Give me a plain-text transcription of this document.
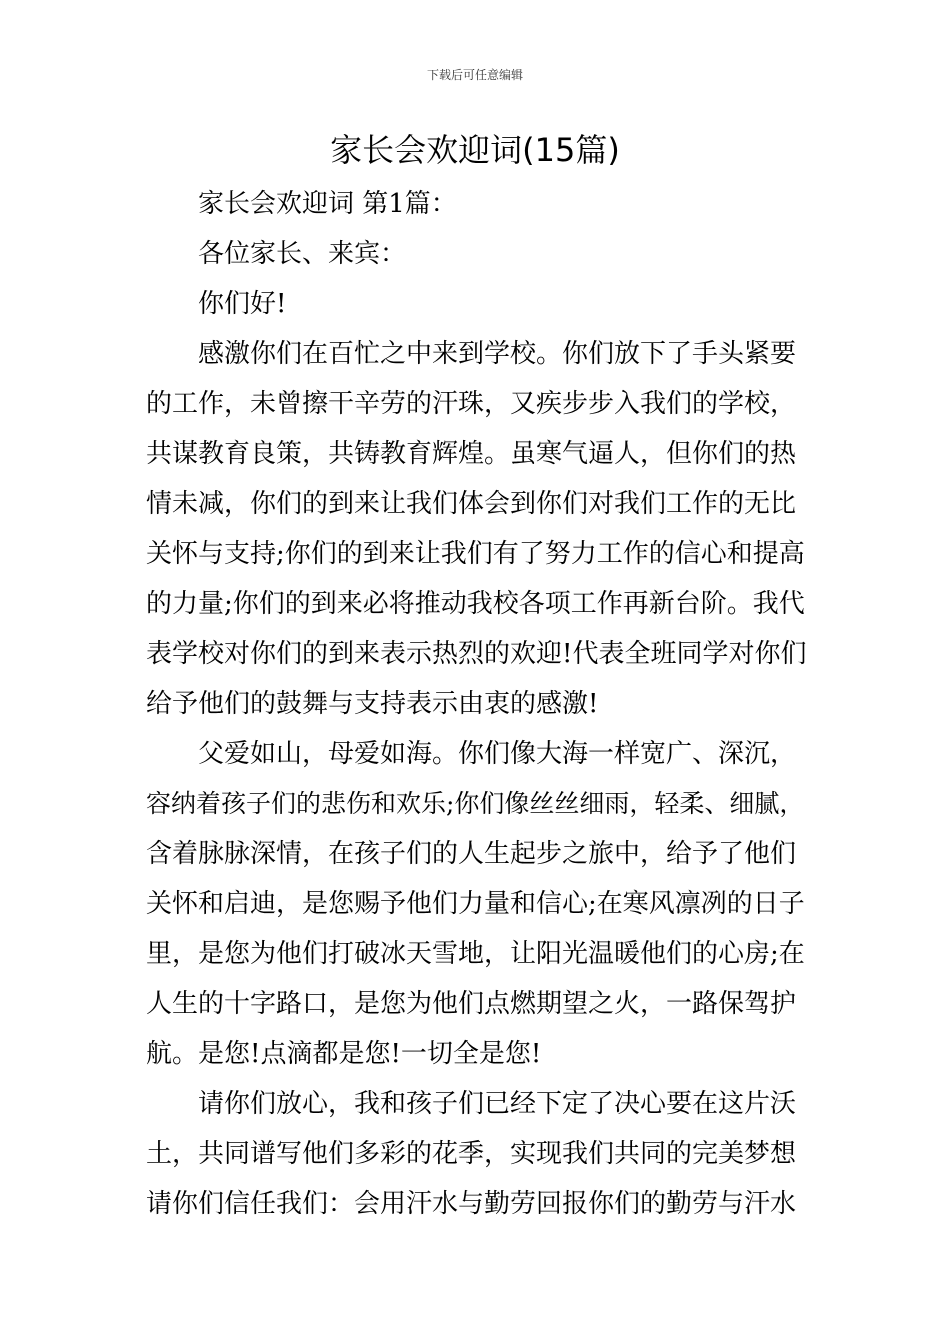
下载后可任意编辑
家长会欢迎词(15篇)
家长会欢迎词 第1篇：
各位家长、来宾：
你们好!
感激你们在百忙之中来到学校。你们放下了手头紧要
的工作，未曾擦干辛劳的汗珠，又疾步步入我们的学校，
共谋教育良策，共铸教育辉煌。虽寒气逼人，但你们的热
情未减，你们的到来让我们体会到你们对我们工作的无比
关怀与支持;你们的到来让我们有了努力工作的信心和提高
的力量;你们的到来必将推动我校各项工作再新台阶。我代
表学校对你们的到来表示热烈的欢迎!代表全班同学对你们
给予他们的鼓舞与支持表示由衷的感激!
父爱如山，母爱如海。你们像大海一样宽广、深沉，
容纳着孩子们的悲伤和欢乐;你们像丝丝细雨，轻柔、细腻，
含着脉脉深情，在孩子们的人生起步之旅中，给予了他们
关怀和启迪，是您赐予他们力量和信心;在寒风凛冽的日子
里，是您为他们打破冰天雪地，让阳光温暖他们的心房;在
人生的十字路口，是您为他们点燃期望之火，一路保驾护
航。是您!点滴都是您!一切全是您!
请你们放心，我和孩子们已经下定了决心要在这片沃
土，共同谱写他们多彩的花季，实现我们共同的完美梦想
请你们信任我们：会用汗水与勤劳回报你们的勤劳与汗水
